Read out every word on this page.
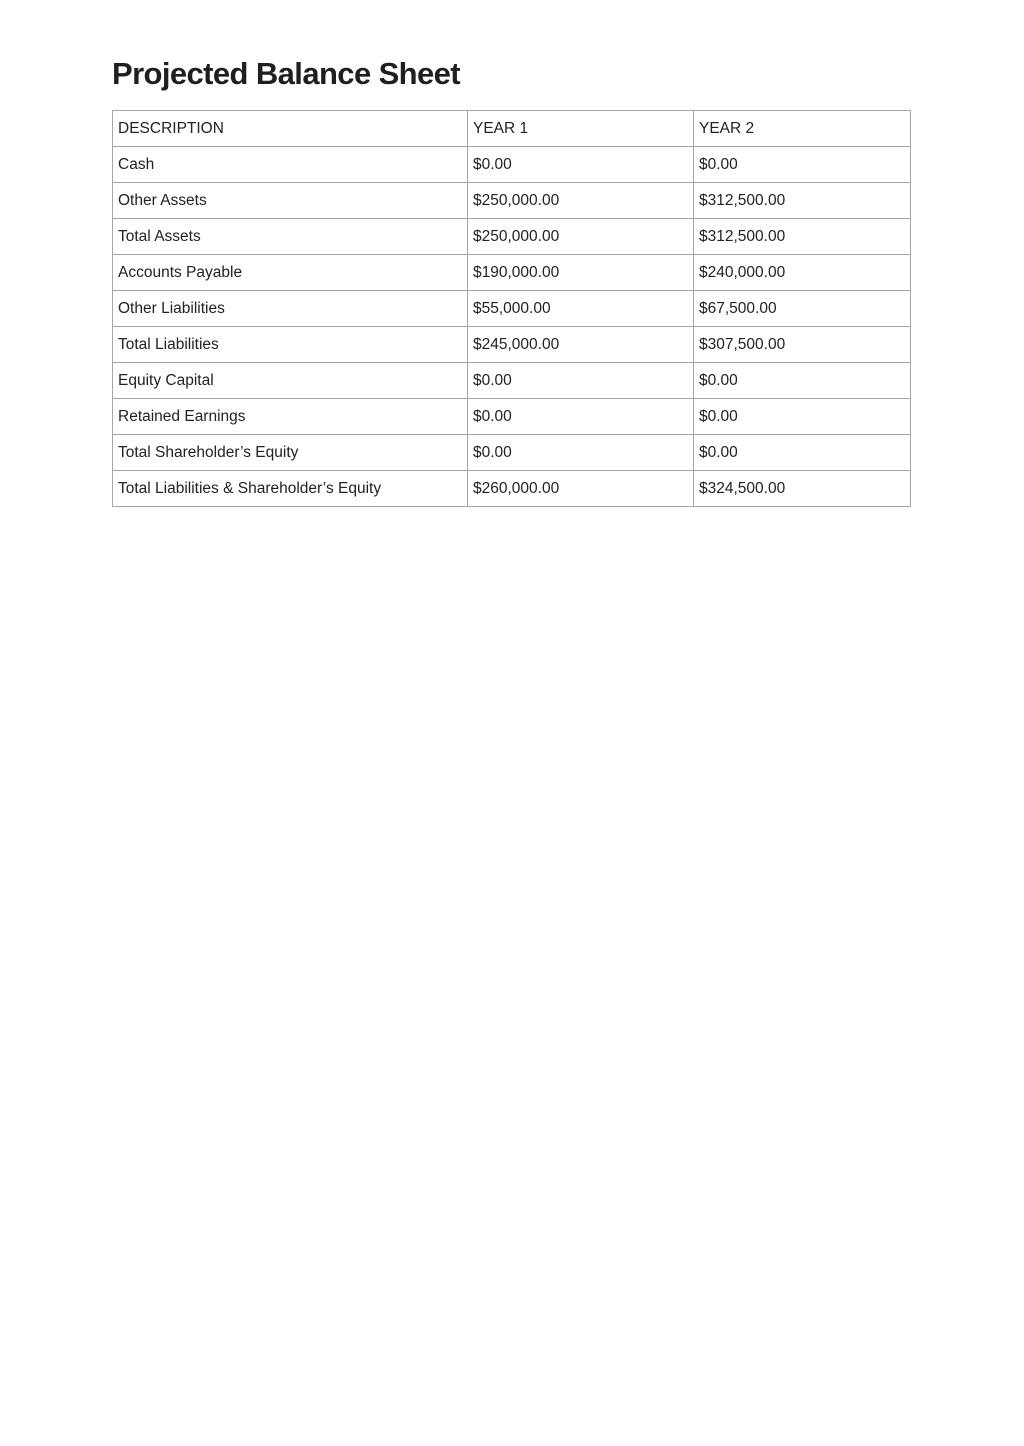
Projected Balance Sheet
DESCRIPTION	YEAR 1	YEAR 2
Cash	$0.00	$0.00
Other Assets	$250,000.00	$312,500.00
Total Assets	$250,000.00	$312,500.00
Accounts Payable	$190,000.00	$240,000.00
Other Liabilities	$55,000.00	$67,500.00
Total Liabilities	$245,000.00	$307,500.00
Equity Capital	$0.00	$0.00
Retained Earnings	$0.00	$0.00
Total Shareholder’s Equity	$0.00	$0.00
Total Liabilities & Shareholder’s Equity	$260,000.00	$324,500.00
